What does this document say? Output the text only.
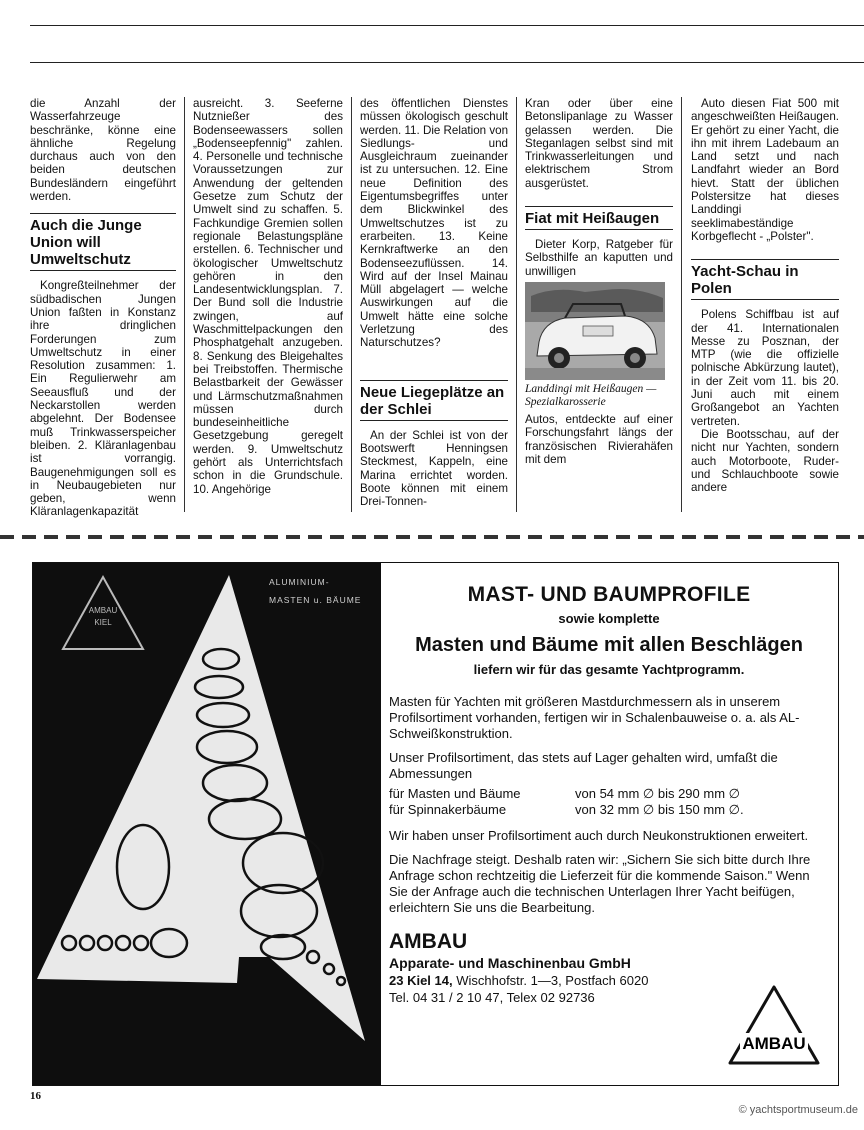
die Anzahl der Wasserfahrzeuge beschränke, könne eine ähnliche Regelung durchaus auch von den beiden deutschen Bundesländern eingeführt werden.

Auch die Junge Union will Umweltschutz

Kongreßteilnehmer der südbadischen Jungen Union faßten in Konstanz ihre dringlichen Forderungen zum Umweltschutz in einer Resolution zusammen: 1. Ein Regulierwehr am Seeausfluß und der Neckarstollen werden abgelehnt. Der Bodensee muß Trinkwasserspeicher bleiben. 2. Kläranlagenbau ist vorrangig. Baugenehmigungen soll es in Neubaugebieten nur geben, wenn Kläranlagenkapazität

ausreicht. 3. Seeferne Nutznießer des Bodenseewassers sollen „Bodenseepfennig" zahlen. 4. Personelle und technische Voraussetzungen zur Anwendung der geltenden Gesetze zum Schutz der Umwelt sind zu schaffen. 5. Fachkundige Gremien sollen regionale Belastungspläne erstellen. 6. Technischer und ökologischer Umweltschutz gehören in den Landesentwicklungsplan. 7. Der Bund soll die Industrie zwingen, auf Waschmittelpackungen den Phosphatgehalt anzugeben. 8. Senkung des Bleigehaltes bei Treibstoffen. Thermische Belastbarkeit der Gewässer und Lärmschutzmaßnahmen müssen durch bundeseinheitliche Gesetzgebung geregelt werden. 9. Umweltschutz gehört als Unterrichtsfach schon in die Grundschule. 10. Angehörige

des öffentlichen Dienstes müssen ökologisch geschult werden. 11. Die Relation von Siedlungs- und Ausgleichraum zueinander ist zu untersuchen. 12. Eine neue Definition des Eigentumsbegriffes unter dem Blickwinkel des Umweltschutzes ist zu erarbeiten. 13. Keine Kernkraftwerke an den Bodenseezuflüssen. 14. Wird auf der Insel Mainau Müll abgelagert — welche Auswirkungen auf die Umwelt hätte eine solche Verletzung des Naturschutzes?

Neue Liegeplätze an der Schlei

An der Schlei ist von der Bootswerft Henningsen Steckmest, Kappeln, eine Marina errichtet worden. Boote können mit einem Drei-Tonnen-

Kran oder über eine Betonslipanlage zu Wasser gelassen werden. Die Steganlagen selbst sind mit Trinkwasserleitungen und elektrischem Strom ausgerüstet.

Fiat mit Heißaugen

Dieter Korp, Ratgeber für Selbsthilfe an kaputten und unwilligen

Landdingi mit Heißaugen — Spezialkarosserie

Autos, entdeckte auf einer Forschungsfahrt längs der französischen Rivierahäfen mit dem

Auto diesen Fiat 500 mit angeschweißten Heißaugen. Er gehört zu einer Yacht, die ihn mit ihrem Ladebaum an Land setzt und nach Landfahrt wieder an Bord hievt. Statt der üblichen Polstersitze hat dieses Landdingi seeklimabeständige Korbgeflecht - „Polster".

Yacht-Schau in Polen

Polens Schiffbau ist auf der 41. Internationalen Messe zu Posznan, der MTP (wie die offizielle polnische Abkürzung lautet), in der Zeit vom 11. bis 20. Juni auch mit einem Großangebot an Yachten vertreten.

Die Bootsschau, auf der nicht nur Yachten, sondern auch Motorboote, Ruder- und Schlauchboote sowie andere

AMBAU
KIEL
ALUMINIUM-
MASTEN u. BÄUME	MAST- UND BAUMPROFILE
sowie komplette
Masten und Bäume mit allen Beschlägen
liefern wir für das gesamte Yachtprogramm.

Masten für Yachten mit größeren Mastdurchmessern als in unserem Profilsortiment vorhanden, fertigen wir in Schalenbauweise o. a. als AL-Schweißkonstruktion.

Unser Profilsortiment, das stets auf Lager gehalten wird, umfaßt die Abmessungen

für Masten und Bäume	von 54 mm ∅ bis 290 mm ∅
für Spinnakerbäume	von 32 mm ∅ bis 150 mm ∅.

Wir haben unser Profilsortiment auch durch Neukonstruktionen erweitert.

Die Nachfrage steigt. Deshalb raten wir: „Sichern Sie sich bitte durch Ihre Anfrage schon rechtzeitig die Lieferzeit für die kommende Saison." Wenn Sie der Anfrage auch die technischen Unterlagen Ihrer Yacht beifügen, erleichtern Sie uns die Bearbeitung.

AMBAU
Apparate- und Maschinenbau GmbH
23 Kiel 14, Wischhofstr. 1—3, Postfach 6020
Tel. 04 31 / 2 10 47, Telex 02 92736
AMBAU
16
© yachtsportmuseum.de
